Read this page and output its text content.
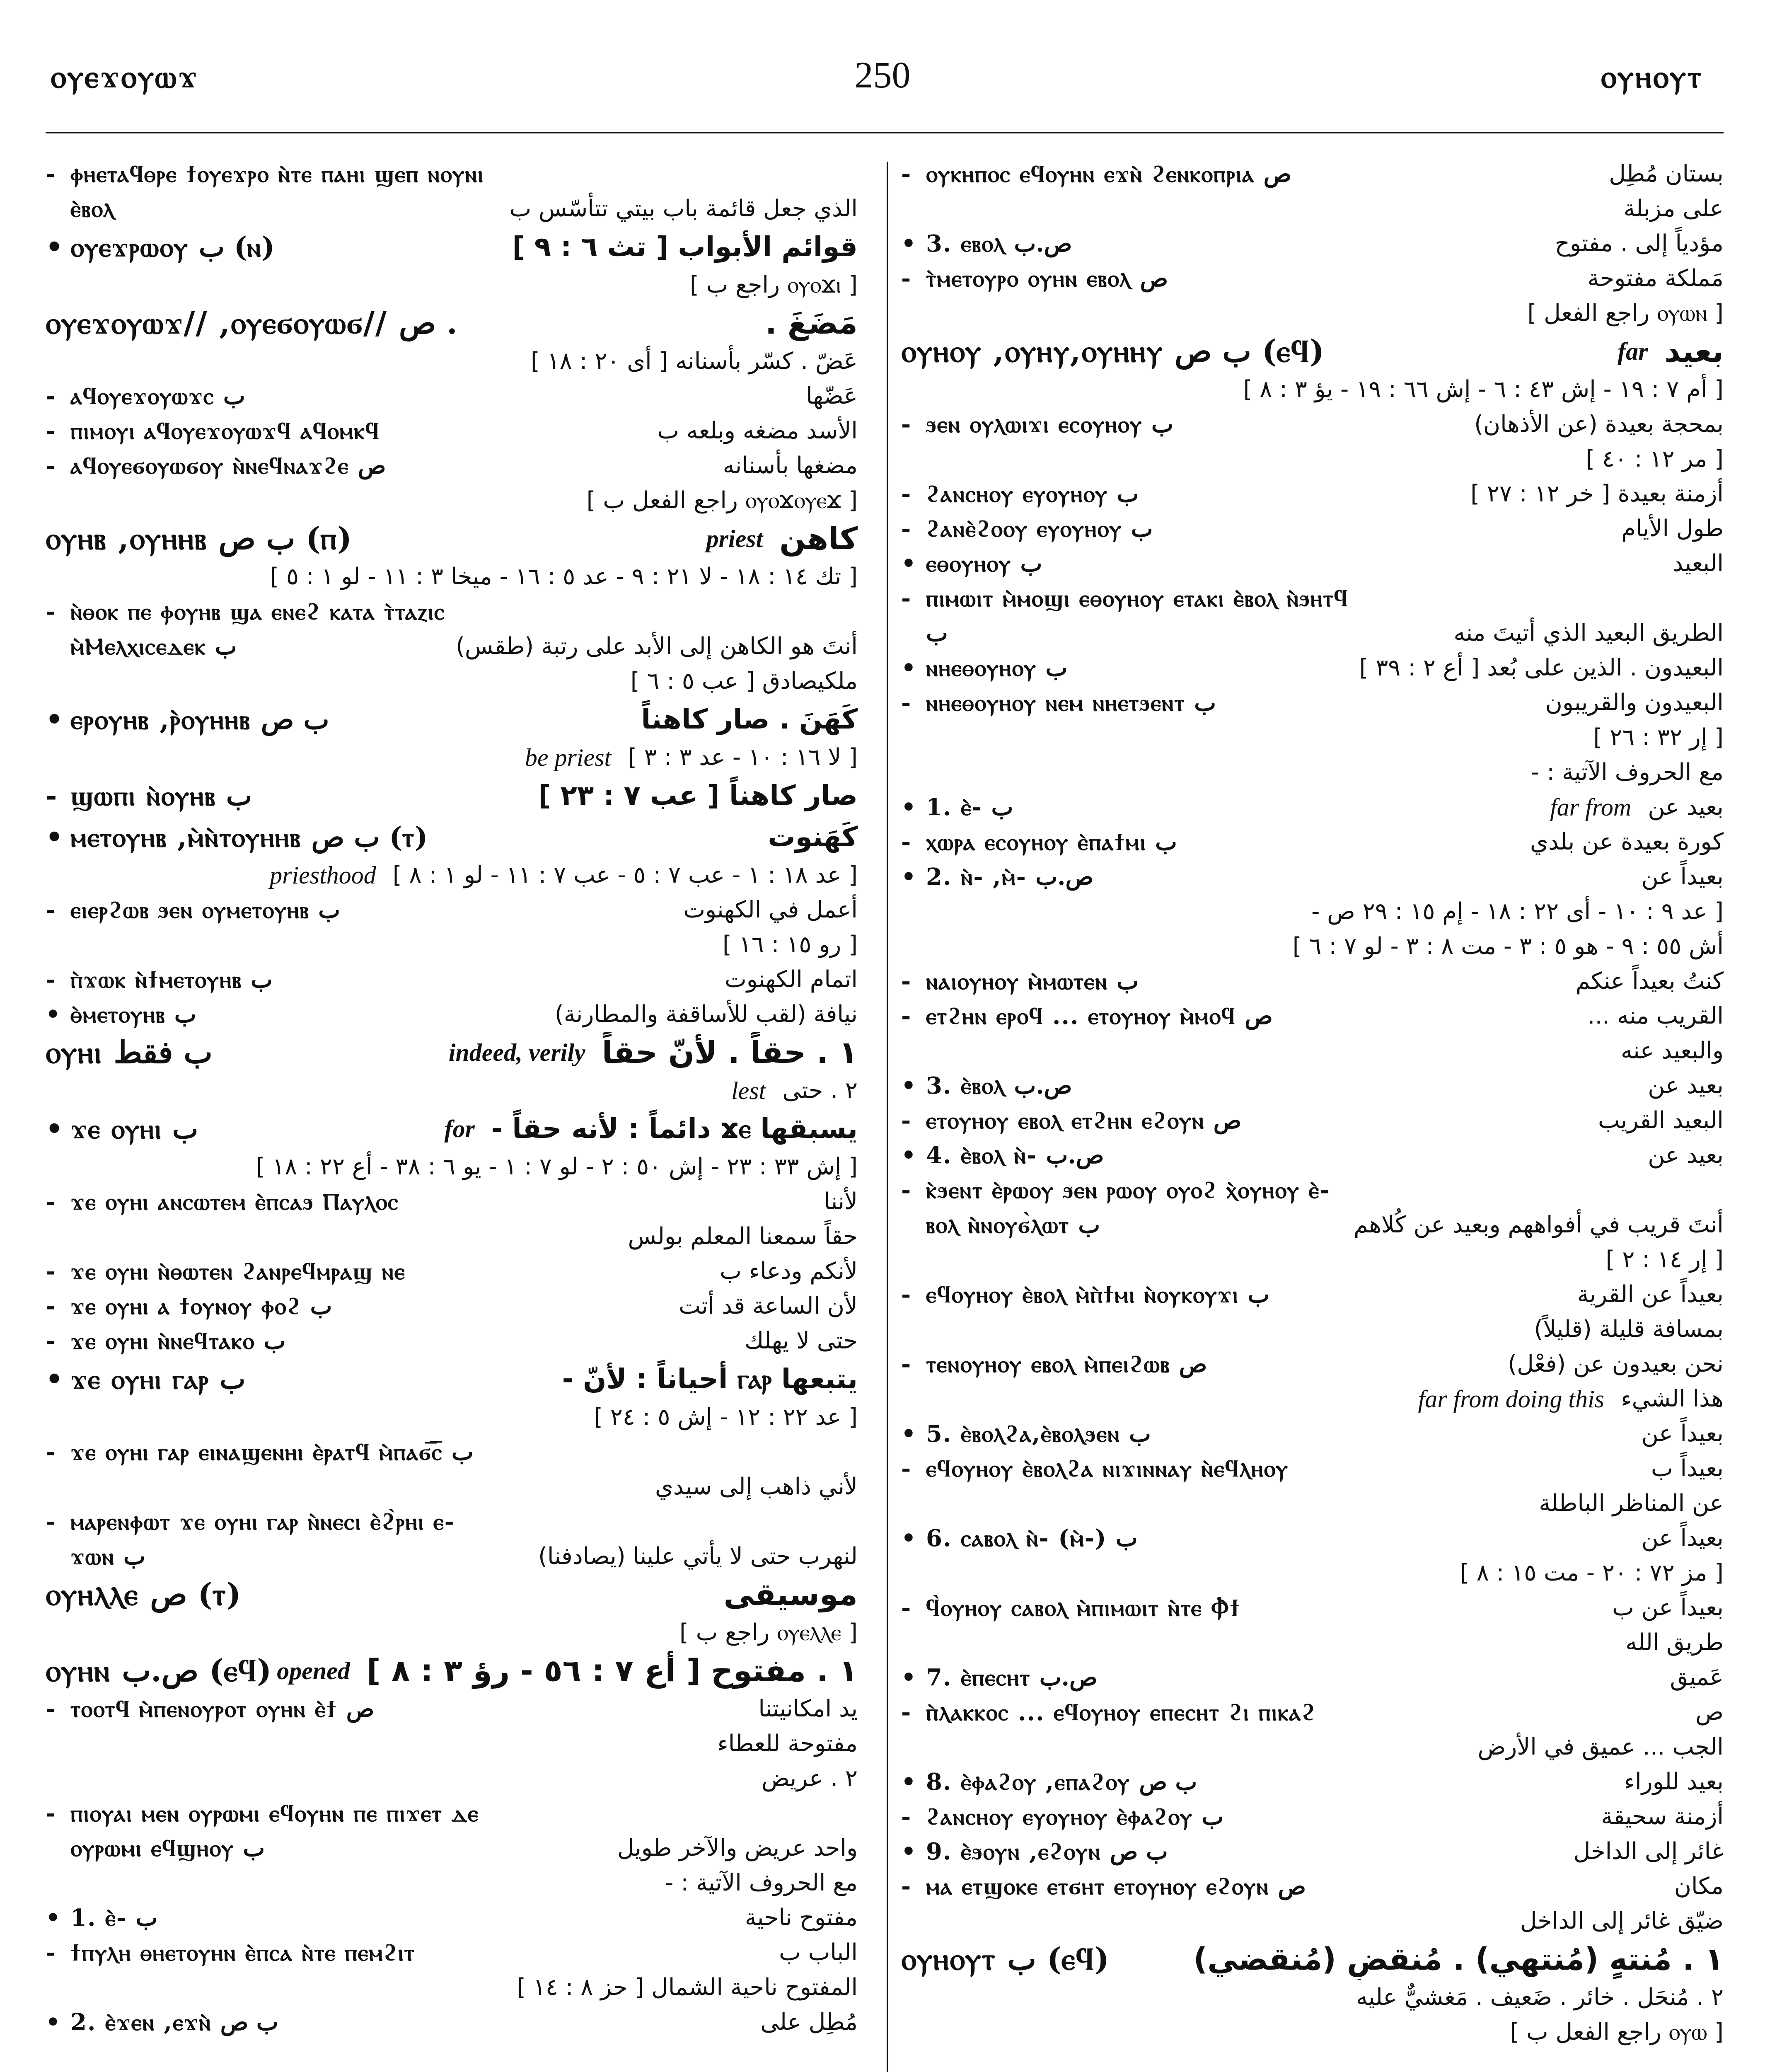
ⲟⲩⲉϫⲟⲩⲱϫ	250	ⲟⲩⲏⲟⲩⲧ
- ⲫⲏⲉⲧⲁϥⲑⲣⲉ ϯⲟⲩⲉϫⲣⲟ ⲛ̀ⲧⲉ ⲡⲁⲏⲓ ϣⲉⲡ ⲛⲟⲩⲛⲓ
ⲉ̀ⲃⲟⲗ	الذي جعل قائمة باب بيتي تتأسّس ب
• ⲟⲩⲉϫⲣⲱⲟⲩ ب (ⲛ)	قوائم الأبواب [ تث ٦ : ٩ ]
[ ⲟⲩⲟϫⲓ راجع ب ]
ⲟⲩⲉϫⲟⲩⲱϫ// ,ⲟⲩⲉϭⲟⲩⲱϭ// ص .	مَضَغَ .
عَضّ . كسّر بأسنانه [ أى ٢٠ : ١٨ ]
- ⲁϥⲟⲩⲉϫⲟⲩⲱϫⲥ ب	عَضّها
- ⲡⲓⲙⲟⲩⲓ ⲁϥⲟⲩⲉϫⲟⲩⲱϫϥ ⲁϥⲟⲙⲕϥ	الأسد مضغه وبلعه ب
- ⲁϥⲟⲩⲉϭⲟⲩⲱϭⲟⲩ ⲛ̀ⲛⲉϥⲛⲁϫϩⲉ ص	مضغها بأسنانه
[ ⲟⲩⲟϫⲟⲩⲉϫ راجع الفعل ب ]
ⲟⲩⲏⲃ ,ⲟⲩⲏⲏⲃ ب ص (ⲡ)	priest كاهن
[ تك ١٤ : ١٨ - لا ٢١ : ٩ - عد ٥ : ١٦ - ميخا ٣ : ١١ - لو ١ : ٥ ]
- ⲛ̀ⲑⲟⲕ ⲡⲉ ⲫⲟⲩⲏⲃ ϣⲁ ⲉⲛⲉϩ ⲕⲁⲧⲁ ⲧ̀ⲧⲁⲍⲓⲥ
ⲙ̀Ⲙⲉⲗⲭⲓⲥⲉⲇⲉⲕ ب	أنتَ هو الكاهن إلى الأبد على رتبة (طقس)
ملكيصادق [ عب ٥ : ٦ ]
• ⲉⲣⲟⲩⲏⲃ ,ⲣ̀ⲟⲩⲏⲏⲃ ب ص	كَهَنَ . صار كاهناً
be priest [ لا ١٦ : ١٠ - عد ٣ : ٣ ]
- ϣⲱⲡⲓ ⲛ̀ⲟⲩⲏⲃ ب	صار كاهناً [ عب ٧ : ٢٣ ]
• ⲙⲉⲧⲟⲩⲏⲃ ,ⲙ̀ⲛ̀ⲧⲟⲩⲏⲏⲃ ب ص (ⲧ)	كَهَنوت
priesthood [ عد ١٨ : ١ - عب ٧ : ٥ - عب ٧ : ١١ - لو ١ : ٨ ]
- ⲉⲓⲉⲣϩⲱⲃ ϧⲉⲛ ⲟⲩⲙⲉⲧⲟⲩⲏⲃ ب	أعمل في الكهنوت
[ رو ١٥ : ١٦ ]
- ⲡ̀ϫⲱⲕ ⲛ̀ϯⲙⲉⲧⲟⲩⲏⲃ ب	اتمام الكهنوت
• ⲑ̀ⲙⲉⲧⲟⲩⲏⲃ ب	نيافة (لقب للأساقفة والمطارنة)
ⲟⲩⲏⲓ ب فقط	indeed, verily ١ . حقاً . لأنّ حقاً
lest ٢ . حتى
• ϫⲉ ⲟⲩⲏⲓ ب	for يسبقها ϫⲉ دائماً : لأنه حقاً -
[ إش ٣٣ : ٢٣ - إش ٥٠ : ٢ - لو ٧ : ١ - يو ٦ : ٣٨ - أع ٢٢ : ١٨ ]
- ϫⲉ ⲟⲩⲏⲓ ⲁⲛⲥⲱⲧⲉⲙ ⲉ̀ⲡⲥⲁϧ Ⲡⲁⲩⲗⲟⲥ	لأننا
حقاً سمعنا المعلم بولس
- ϫⲉ ⲟⲩⲏⲓ ⲛ̀ⲑⲱⲧⲉⲛ ϩⲁⲛⲣⲉϥⲙⲣⲁϣ ⲛⲉ	لأنكم ودعاء ب
- ϫⲉ ⲟⲩⲏⲓ ⲁ ϯⲟⲩⲛⲟⲩ ⲫⲟϩ ب	لأن الساعة قد أتت
- ϫⲉ ⲟⲩⲏⲓ ⲛ̀ⲛⲉϥⲧⲁⲕⲟ ب	حتى لا يهلك
• ϫⲉ ⲟⲩⲏⲓ ⲅⲁⲣ ب	يتبعها ⲅⲁⲣ أحياناً : لأنّ -
[ عد ٢٢ : ١٢ - إش ٥ : ٢٤ ]
- ϫⲉ ⲟⲩⲏⲓ ⲅⲁⲣ ⲉⲓⲛⲁϣⲉⲛⲏⲓ ⲉ̀ⲣⲁⲧϥ ⲙ̀ⲡⲁϭ̅ⲥ̅ ب
لأني ذاهب إلى سيدي
- ⲙⲁⲣⲉⲛⲫⲱⲧ ϫⲉ ⲟⲩⲏⲓ ⲅⲁⲣ ⲛ̀ⲛⲉⲥⲓ ⲉ̀ϩ̀ⲣⲏⲓ ⲉ-
ϫⲱⲛ ب	لنهرب حتى لا يأتي علينا (يصادفنا)
ⲟⲩⲏⲗⲗⲉ ص (ⲧ)	موسيقى
[ ⲟⲩⲉⲗⲗⲉ راجع ب ]
ⲟⲩⲏⲛ ص.ب (ⲉϥ) opened ١ . مفتوح [ أع ٧ : ٥٦ - رؤ ٣ : ٨ ]
- ⲧⲟⲟⲧϥ ⲙ̀ⲡⲉⲛⲟⲩⲣⲟⲧ ⲟⲩⲏⲛ ⲉ̀ϯ ص	يد امكانيتنا
مفتوحة للعطاء
٢ . عريض
- ⲡⲓⲟⲩⲁⲓ ⲙⲉⲛ ⲟⲩⲣⲱⲙⲓ ⲉϥⲟⲩⲏⲛ ⲡⲉ ⲡⲓϫⲉⲧ ⲇⲉ
ⲟⲩⲣⲱⲙⲓ ⲉϥϣⲏⲟⲩ ب	واحد عريض والآخر طويل
مع الحروف الآتية : -
• 1. ⲉ̀- ب	مفتوح ناحية
- ϯⲡⲩⲗⲏ ⲑⲏⲉⲧⲟⲩⲏⲛ ⲉ̀ⲡⲥⲁ ⲛ̀ⲧⲉ ⲡⲉⲙϩⲓⲧ	الباب ب
المفتوح ناحية الشمال [ حز ٨ : ١٤ ]
• 2. ⲉ̀ϫⲉⲛ ,ⲉϫⲛ̀ ب ص	مُطِل على
- ⲟⲩⲕⲏⲡⲟⲥ ⲉϥⲟⲩⲏⲛ ⲉϫⲛ̀ ϩⲉⲛⲕⲟⲡⲣⲓⲁ ص	بستان مُطِل
على مزبلة
• 3. ⲉⲃⲟⲗ ص.ب	مؤدياً إلى . مفتوح
- ⲧ̀ⲙⲉⲧⲟⲩⲣⲟ ⲟⲩⲏⲛ ⲉⲃⲟⲗ ص	مَملكة مفتوحة
[ ⲟⲩⲱⲛ راجع الفعل ]
ⲟⲩⲏⲟⲩ ,ⲟⲩⲏⲩ,ⲟⲩⲏⲏⲩ ب ص (ⲉϥ)	far بعيد
[ أم ٧ : ١٩ - إش ٤٣ : ٦ - إش ٦٦ : ١٩ - يؤ ٣ : ٨ ]
- ϧⲉⲛ ⲟⲩⲗⲱⲓϫⲓ ⲉⲥⲟⲩⲏⲟⲩ ب	بمحجة بعيدة (عن الأذهان)
[ مر ١٢ : ٤٠ ]
- ϩⲁⲛⲥⲏⲟⲩ ⲉⲩⲟⲩⲏⲟⲩ ب	أزمنة بعيدة [ خر ١٢ : ٢٧ ]
- ϩⲁⲛⲉ̀ϩⲟⲟⲩ ⲉⲩⲟⲩⲏⲟⲩ ب	طول الأيام
• ⲉⲑⲟⲩⲏⲟⲩ ب	البعيد
- ⲡⲓⲙⲱⲓⲧ ⲙ̀ⲙⲟϣⲓ ⲉⲑⲟⲩⲏⲟⲩ ⲉⲧⲁⲕⲓ ⲉ̀ⲃⲟⲗ ⲛ̀ϧⲏⲧϥ
ب	الطريق البعيد الذي أتيتَ منه
• ⲛⲏⲉⲑⲟⲩⲏⲟⲩ ب	البعيدون . الذين على بُعد [ أع ٢ : ٣٩ ]
- ⲛⲏⲉⲑⲟⲩⲏⲟⲩ ⲛⲉⲙ ⲛⲏⲉⲧϧⲉⲛⲧ ب	البعيدون والقريبون
[ إر ٣٢ : ٢٦ ]
مع الحروف الآتية : -
• 1. ⲉ̀- ب	far from بعيد عن
- ⲭⲱⲣⲁ ⲉⲥⲟⲩⲏⲟⲩ ⲉ̀ⲡⲁϯⲙⲓ ب	كورة بعيدة عن بلدي
• 2. ⲛ̀- ,ⲙ̀- ص.ب	بعيداً عن
[ عد ٩ : ١٠ - أى ٢٢ : ١٨ - إم ١٥ : ٢٩ ص -
أش ٥٥ : ٩ - هو ٥ : ٣ - مت ٨ : ٣ - لو ٧ : ٦ ]
- ⲛⲁⲓⲟⲩⲏⲟⲩ ⲙ̀ⲙⲱⲧⲉⲛ ب	كنتُ بعيداً عنكم
- ⲉⲧϩⲏⲛ ⲉⲣⲟϥ ... ⲉⲧⲟⲩⲏⲟⲩ ⲙ̀ⲙⲟϥ ص	القريب منه ...
والبعيد عنه
• 3. ⲉ̀ⲃⲟⲗ ص.ب	بعيد عن
- ⲉⲧⲟⲩⲏⲟⲩ ⲉⲃⲟⲗ ⲉⲧϩⲏⲛ ⲉϩⲟⲩⲛ ص	البعيد القريب
• 4. ⲉ̀ⲃⲟⲗ ⲛ̀- ص.ب	بعيد عن
- ⲕ̀ϧⲉⲛⲧ ⲉ̀ⲣⲱⲟⲩ ϧⲉⲛ ⲣⲱⲟⲩ ⲟⲩⲟϩ ⲭ̀ⲟⲩⲏⲟⲩ ⲉ̀-
ⲃⲟⲗ ⲛ̀ⲛⲟⲩϭ̀ⲗⲱⲧ ب	أنتَ قريب في أفواههم وبعيد عن كُلاهم
[ إر ١٤ : ٢ ]
- ⲉϥⲟⲩⲏⲟⲩ ⲉ̀ⲃⲟⲗ ⲙ̀ⲡ̀ϯⲙⲓ ⲛ̀ⲟⲩⲕⲟⲩϫⲓ ب	بعيداً عن القرية
بمسافة قليلة (قليلاً)
- ⲧⲉⲛⲟⲩⲏⲟⲩ ⲉⲃⲟⲗ ⲙ̀ⲡⲉⲓϩⲱⲃ ص	نحن بعيدون عن (فعْل)
far from doing this هذا الشيء
• 5. ⲉ̀ⲃⲟⲗϩⲁ,ⲉ̀ⲃⲟⲗϧⲉⲛ ب	بعيداً عن
- ⲉϥⲟⲩⲏⲟⲩ ⲉ̀ⲃⲟⲗϩⲁ ⲛⲓϫⲓⲛⲛⲁⲩ ⲛ̀ⲉϥⲗⲏⲟⲩ	بعيداً ب
عن المناظر الباطلة
• 6. ⲥⲁⲃⲟⲗ ⲛ̀- (ⲙ̀-) ب	بعيداً عن
[ مز ٧٢ : ٢٠ - مت ١٥ : ٨ ]
- ϥ̀ⲟⲩⲏⲟⲩ ⲥⲁⲃⲟⲗ ⲙ̀ⲡⲓⲙⲱⲓⲧ ⲛ̀ⲧⲉ Ⲫ̀ϯ	بعيداً عن ب
طريق الله
• 7. ⲉ̀ⲡⲉⲥⲏⲧ ص.ب	عَميق
- ⲡ̀ⲗⲁⲕⲕⲟⲥ ... ⲉϥⲟⲩⲏⲟⲩ ⲉⲡⲉⲥⲏⲧ ϩⲓ ⲡⲓⲕⲁϩ	ص
الجب ... عميق في الأرض
• 8. ⲉ̀ⲫⲁϩⲟⲩ ,ⲉⲡⲁϩⲟⲩ ب ص	بعيد للوراء
- ϩⲁⲛⲥⲏⲟⲩ ⲉⲩⲟⲩⲏⲟⲩ ⲉ̀ⲫⲁϩⲟⲩ ب	أزمنة سحيقة
• 9. ⲉ̀ϧⲟⲩⲛ ,ⲉϩⲟⲩⲛ ب ص	غائر إلى الداخل
- ⲙⲁ ⲉⲧϣⲟⲕⲉ ⲉⲧϭⲏⲧ ⲉⲧⲟⲩⲏⲟⲩ ⲉϩⲟⲩⲛ ص	مكان
ضيّق غائر إلى الداخل
ⲟⲩⲏⲟⲩⲧ ب (ⲉϥ)	١ . مُنتهٍ (مُنتهي) . مُنقضٍ (مُنقضي)
٢ . مُنحَل . خائر . ضَعيف . مَغشيٌّ عليه
[ ⲟⲩⲱ راجع الفعل ب ]
